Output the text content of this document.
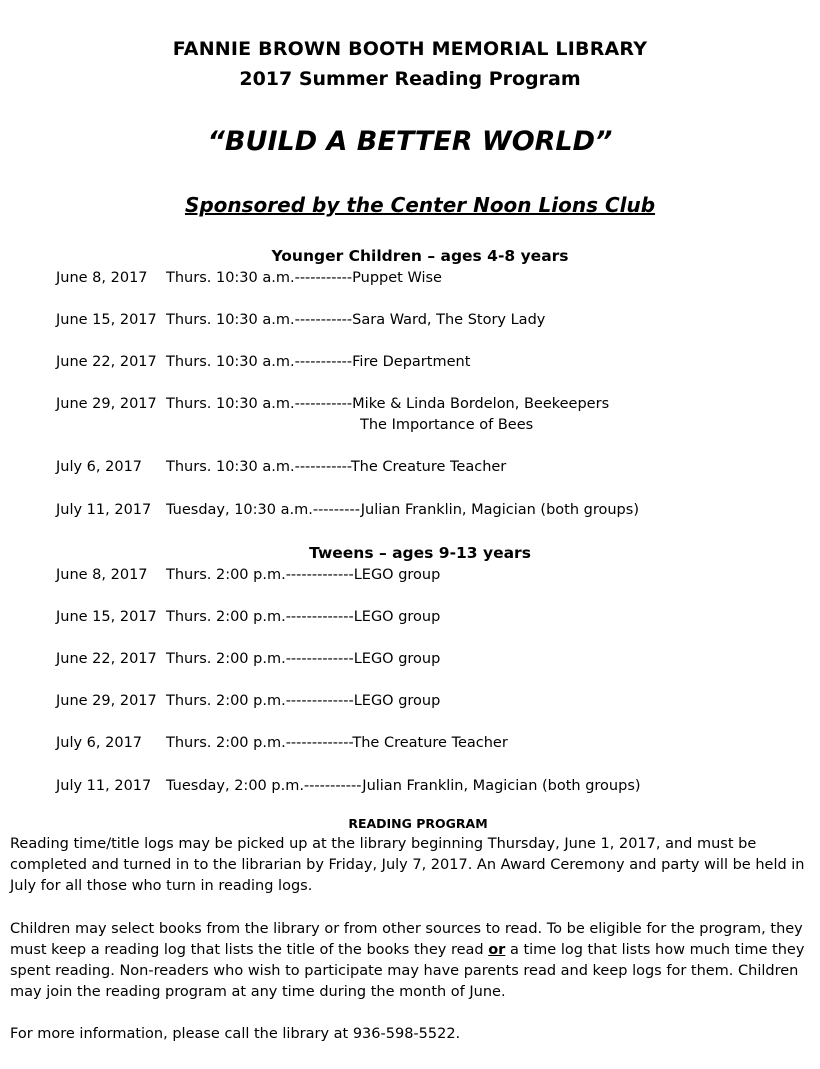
FANNIE BROWN BOOTH MEMORIAL LIBRARY
2017 Summer Reading Program
“BUILD A BETTER WORLD”
Sponsored by the Center Noon Lions Club
Younger Children – ages 4-8 years
June 8, 2017 Thurs. 10:30 a.m.-----------Puppet Wise
June 15, 2017 Thurs. 10:30 a.m.-----------Sara Ward, The Story Lady
June 22, 2017 Thurs. 10:30 a.m.-----------Fire Department
June 29, 2017 Thurs. 10:30 a.m.-----------Mike & Linda Bordelon, Beekeepers
The Importance of Bees
July 6, 2017 Thurs. 10:30 a.m.-----------The Creature Teacher
July 11, 2017 Tuesday, 10:30 a.m.---------Julian Franklin, Magician (both groups)
Tweens – ages 9-13 years
June 8, 2017 Thurs. 2:00 p.m.-------------LEGO group
June 15, 2017 Thurs. 2:00 p.m.-------------LEGO group
June 22, 2017 Thurs. 2:00 p.m.-------------LEGO group
June 29, 2017 Thurs. 2:00 p.m.-------------LEGO group
July 6, 2017 Thurs. 2:00 p.m.-------------The Creature Teacher
July 11, 2017 Tuesday, 2:00 p.m.-----------Julian Franklin, Magician (both groups)
READING PROGRAM
Reading time/title logs may be picked up at the library beginning Thursday, June 1, 2017, and must be completed and turned in to the librarian by Friday, July 7, 2017. An Award Ceremony and party will be held in July for all those who turn in reading logs.
Children may select books from the library or from other sources to read. To be eligible for the program, they must keep a reading log that lists the title of the books they read or a time log that lists how much time they spent reading. Non-readers who wish to participate may have parents read and keep logs for them. Children may join the reading program at any time during the month of June.
For more information, please call the library at 936-598-5522.
